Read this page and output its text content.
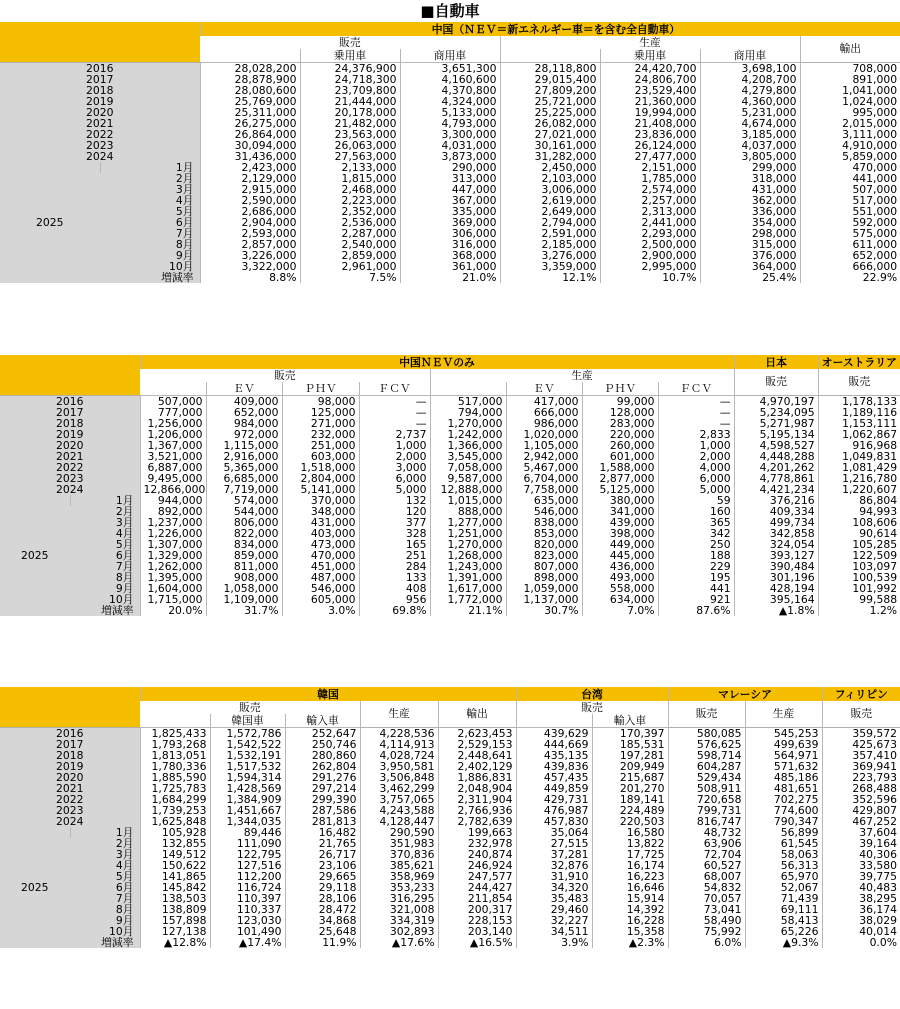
■自動車
		中国（ＮＥＶ＝新エネルギー車＝を含む全自動車）						
		販売			生産			輸出
			乗用車	商用車		乗用車	商用車	
2016		28,028,200	24,376,900	3,651,300	28,118,800	24,420,700	3,698,100	708,000
2017		28,878,900	24,718,300	4,160,600	29,015,400	24,806,700	4,208,700	891,000
2018		28,080,600	23,709,800	4,370,800	27,809,200	23,529,400	4,279,800	1,041,000
2019		25,769,000	21,444,000	4,324,000	25,721,000	21,360,000	4,360,000	1,024,000
2020		25,311,000	20,178,000	5,133,000	25,225,000	19,994,000	5,231,000	995,000
2021		26,275,000	21,482,000	4,793,000	26,082,000	21,408,000	4,674,000	2,015,000
2022		26,864,000	23,563,000	3,300,000	27,021,000	23,836,000	3,185,000	3,111,000
2023		30,094,000	26,063,000	4,031,000	30,161,000	26,124,000	4,037,000	4,910,000
2024		31,436,000	27,563,000	3,873,000	31,282,000	27,477,000	3,805,000	5,859,000
2025	1月	2,423,000	2,133,000	290,000	2,450,000	2,151,000	299,000	470,000
	2月	2,129,000	1,815,000	313,000	2,103,000	1,785,000	318,000	441,000
	3月	2,915,000	2,468,000	447,000	3,006,000	2,574,000	431,000	507,000
	4月	2,590,000	2,223,000	367,000	2,619,000	2,257,000	362,000	517,000
	5月	2,686,000	2,352,000	335,000	2,649,000	2,313,000	336,000	551,000
	6月	2,904,000	2,536,000	369,000	2,794,000	2,441,000	354,000	592,000
	7月	2,593,000	2,287,000	306,000	2,591,000	2,293,000	298,000	575,000
	8月	2,857,000	2,540,000	316,000	2,185,000	2,500,000	315,000	611,000
	9月	3,226,000	2,859,000	368,000	3,276,000	2,900,000	376,000	652,000
	10月	3,322,000	2,961,000	361,000	3,359,000	2,995,000	364,000	666,000
	増減率	8.8%	7.5%	21.0%	12.1%	10.7%	25.4%	22.9%
		中国ＮＥＶのみ								日本	オーストラリア
		販売				生産				販売	販売
			ＥＶ	ＰＨＶ	ＦＣＶ		ＥＶ	ＰＨＶ	ＦＣＶ		
2016		507,000	409,000	98,000	—	517,000	417,000	99,000	—	4,970,197	1,178,133
2017		777,000	652,000	125,000	—	794,000	666,000	128,000	—	5,234,095	1,189,116
2018		1,256,000	984,000	271,000	—	1,270,000	986,000	283,000	—	5,271,987	1,153,111
2019		1,206,000	972,000	232,000	2,737	1,242,000	1,020,000	220,000	2,833	5,195,134	1,062,867
2020		1,367,000	1,115,000	251,000	1,000	1,366,000	1,105,000	260,000	1,000	4,598,527	916,968
2021		3,521,000	2,916,000	603,000	2,000	3,545,000	2,942,000	601,000	2,000	4,448,288	1,049,831
2022		6,887,000	5,365,000	1,518,000	3,000	7,058,000	5,467,000	1,588,000	4,000	4,201,262	1,081,429
2023		9,495,000	6,685,000	2,804,000	6,000	9,587,000	6,704,000	2,877,000	6,000	4,778,861	1,216,780
2024		12,866,000	7,719,000	5,141,000	5,000	12,888,000	7,758,000	5,125,000	5,000	4,421,234	1,220,607
2025	1月	944,000	574,000	370,000	132	1,015,000	635,000	380,000	59	376,216	86,804
	2月	892,000	544,000	348,000	120	888,000	546,000	341,000	160	409,334	94,993
	3月	1,237,000	806,000	431,000	377	1,277,000	838,000	439,000	365	499,734	108,606
	4月	1,226,000	822,000	403,000	328	1,251,000	853,000	398,000	342	342,858	90,614
	5月	1,307,000	834,000	473,000	165	1,270,000	820,000	449,000	250	324,054	105,285
	6月	1,329,000	859,000	470,000	251	1,268,000	823,000	445,000	188	393,127	122,509
	7月	1,262,000	811,000	451,000	284	1,243,000	807,000	436,000	229	390,484	103,097
	8月	1,395,000	908,000	487,000	133	1,391,000	898,000	493,000	195	301,196	100,539
	9月	1,604,000	1,058,000	546,000	408	1,617,000	1,059,000	558,000	441	428,194	101,992
	10月	1,715,000	1,109,000	605,000	956	1,772,000	1,137,000	634,000	921	395,164	99,588
	増減率	20.0%	31.7%	3.0%	69.8%	21.1%	30.7%	7.0%	87.6%	▲1.8%	1.2%
		韓国					台湾		マレーシア		フィリピン
		販売			生産	輸出	販売		販売	生産	販売
			韓国車	輸入車				輸入車			
2016		1,825,433	1,572,786	252,647	4,228,536	2,623,453	439,629	170,397	580,085	545,253	359,572
2017		1,793,268	1,542,522	250,746	4,114,913	2,529,153	444,669	185,531	576,625	499,639	425,673
2018		1,813,051	1,532,191	280,860	4,028,724	2,448,641	435,135	197,281	598,714	564,971	357,410
2019		1,780,336	1,517,532	262,804	3,950,581	2,402,129	439,836	209,949	604,287	571,632	369,941
2020		1,885,590	1,594,314	291,276	3,506,848	1,886,831	457,435	215,687	529,434	485,186	223,793
2021		1,725,783	1,428,569	297,214	3,462,299	2,048,904	449,859	201,270	508,911	481,651	268,488
2022		1,684,299	1,384,909	299,390	3,757,065	2,311,904	429,731	189,141	720,658	702,275	352,596
2023		1,739,253	1,451,667	287,586	4,243,588	2,766,936	476,987	224,489	799,731	774,600	429,807
2024		1,625,848	1,344,035	281,813	4,128,447	2,782,639	457,830	220,503	816,747	790,347	467,252
2025	1月	105,928	89,446	16,482	290,590	199,663	35,064	16,580	48,732	56,899	37,604
	2月	132,855	111,090	21,765	351,983	232,978	27,515	13,822	63,906	61,545	39,164
	3月	149,512	122,795	26,717	370,836	240,874	37,281	17,725	72,704	58,063	40,306
	4月	150,622	127,516	23,106	385,621	246,924	32,876	16,174	60,527	56,313	33,580
	5月	141,865	112,200	29,665	358,969	247,577	31,910	16,223	68,007	65,970	39,775
	6月	145,842	116,724	29,118	353,233	244,427	34,320	16,646	54,832	52,067	40,483
	7月	138,503	110,397	28,106	316,295	211,854	35,483	15,914	70,057	71,439	38,295
	8月	138,809	110,337	28,472	321,008	200,317	29,460	14,392	73,041	69,111	36,174
	9月	157,898	123,030	34,868	334,319	228,153	32,227	16,228	58,490	58,413	38,029
	10月	127,138	101,490	25,648	302,893	203,140	34,511	15,358	75,992	65,226	40,014
	増減率	▲12.8%	▲17.4%	11.9%	▲17.6%	▲16.5%	3.9%	▲2.3%	6.0%	▲9.3%	0.0%
